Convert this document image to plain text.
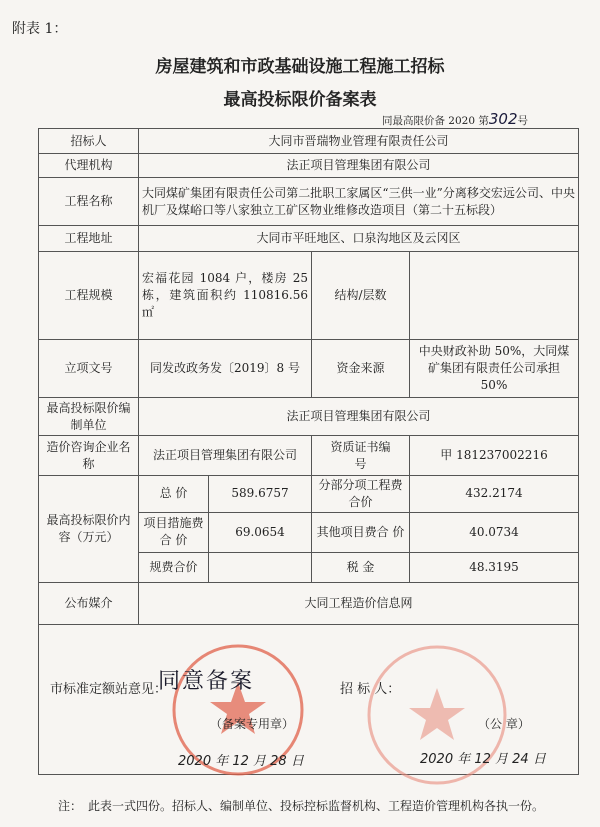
附表 1：
房屋建筑和市政基础设施工程施工招标
最高投标限价备案表
同最高限价备 2020 第302号
招标人	大同市晋瑞物业管理有限责任公司			
代理机构	法正项目管理集团有限公司			
工程名称	大同煤矿集团有限责任公司第二批职工家属区“三供一业”分离移交宏远公司、中央机厂及煤峪口等八家独立工矿区物业维修改造项目（第二十五标段）			
工程地址	大同市平旺地区、口泉沟地区及云冈区			
工程规模	宏福花园 1084 户，楼房 25 栋，建筑面积约 110816.56 ㎡		结构/层数	
立项文号	同发改政务发〔2019〕8 号		资金来源	中央财政补助 50%，大同煤矿集团有限责任公司承担 50%
最高投标限价编制单位	法正项目管理集团有限公司			
造价咨询企业名称	法正项目管理集团有限公司		资质证书编　　号	甲 181237002216
最高投标限价内容（万元）	总 价	589.6757	分部分项工程费合价	432.2174
	项目措施费合 价	69.0654	其他项目费合 价	40.0734
	规费合价		税 金	48.3195
公布媒介	大同工程造价信息网			

市标准定额站意见：
同意备案
（备案专用章）
2020 年 12 月 28 日
招 标 人：
（公 章）
2020 年 12 月 24 日
注：　此表一式四份。招标人、编制单位、投标控标监督机构、工程造价管理机构各执一份。
